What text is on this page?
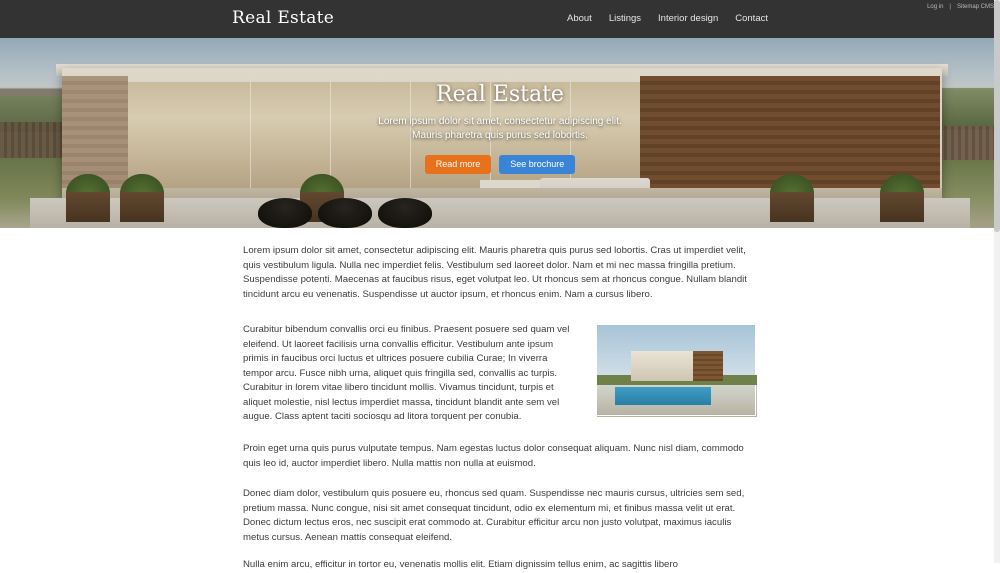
Log in | Sitemap CMS
Real Estate	About Listings Interior design Contact
Real Estate
Lorem ipsum dolor sit amet, consectetur adipiscing elit.
Mauris pharetra quis purus sed lobortis.
Read more	See brochure

Lorem ipsum dolor sit amet, consectetur adipiscing elit. Mauris pharetra quis purus sed lobortis. Cras ut imperdiet velit, quis vestibulum ligula. Nulla nec imperdiet felis. Vestibulum sed laoreet dolor. Nam et mi nec massa fringilla pretium. Suspendisse potenti. Maecenas at faucibus risus, eget volutpat leo. Ut rhoncus sem at rhoncus congue. Nullam blandit tincidunt arcu eu venenatis. Suspendisse ut auctor ipsum, et rhoncus enim. Nam a cursus libero.

Curabitur bibendum convallis orci eu finibus. Praesent posuere sed quam vel eleifend. Ut laoreet facilisis urna convallis efficitur. Vestibulum ante ipsum primis in faucibus orci luctus et ultrices posuere cubilia Curae; In viverra tempor arcu. Fusce nibh urna, aliquet quis fringilla sed, convallis ac turpis. Curabitur in lorem vitae libero tincidunt mollis. Vivamus tincidunt, turpis et aliquet molestie, nisl lectus imperdiet massa, tincidunt blandit ante sem vel augue. Class aptent taciti sociosqu ad litora torquent per conubia.

Proin eget urna quis purus vulputate tempus. Nam egestas luctus dolor consequat aliquam. Nunc nisl diam, commodo quis leo id, auctor imperdiet libero. Nulla mattis non nulla at euismod.

Donec diam dolor, vestibulum quis posuere eu, rhoncus sed quam. Suspendisse nec mauris cursus, ultricies sem sed, pretium massa. Nunc congue, nisi sit amet consequat tincidunt, odio ex elementum mi, et finibus massa velit ut erat. Donec dictum lectus eros, nec suscipit erat commodo at. Curabitur efficitur arcu non justo volutpat, maximus iaculis metus cursus. Aenean mattis consequat eleifend.

Nulla enim arcu, efficitur in tortor eu, venenatis mollis elit. Etiam dignissim tellus enim, ac sagittis libero
